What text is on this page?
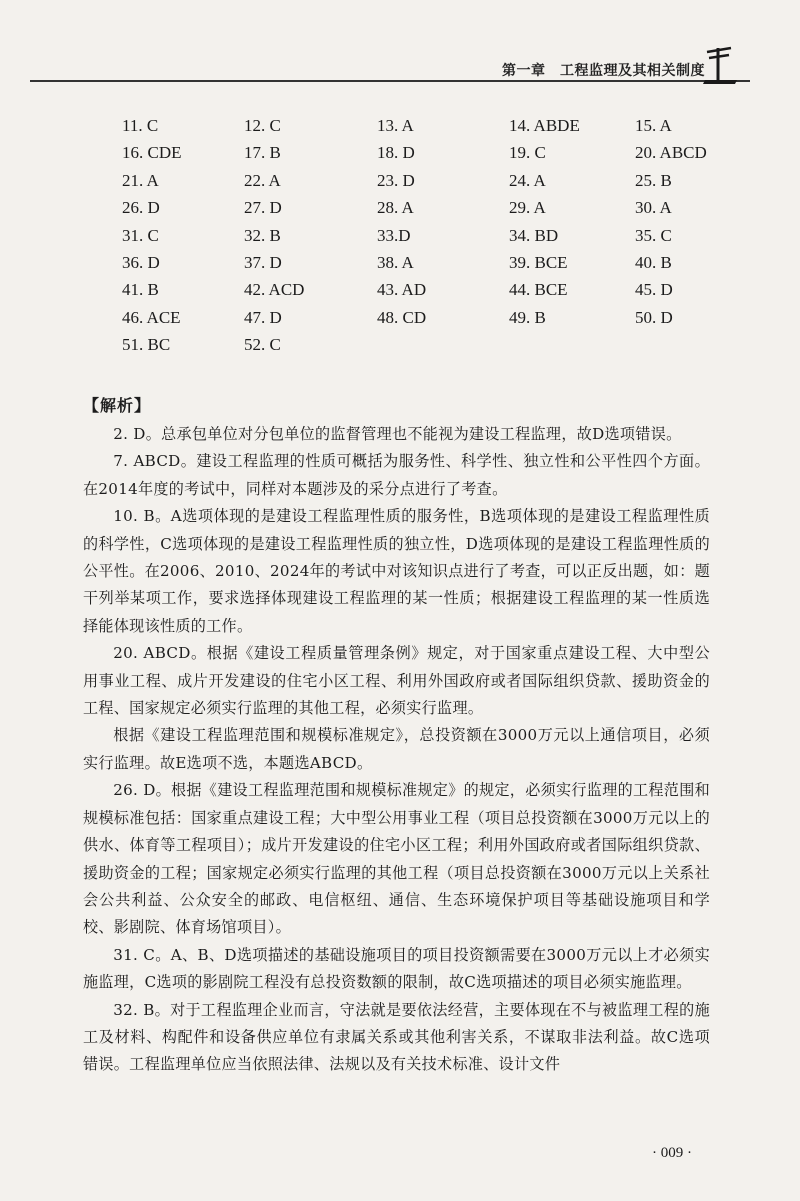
第一章　工程监理及其相关制度
11. C	12. C	13. A	14. ABDE	15. A
16. CDE	17. B	18. D	19. C	20. ABCD
21. A	22. A	23. D	24. A	25. B
26. D	27. D	28. A	29. A	30. A
31. C	32. B	33.D	34. BD	35. C
36. D	37. D	38. A	39. BCE	40. B
41. B	42. ACD	43. AD	44. BCE	45. D
46. ACE	47. D	48. CD	49. B	50. D
51. BC	52. C
【解析】

2. D。总承包单位对分包单位的监督管理也不能视为建设工程监理，故D选项错误。

7. ABCD。建设工程监理的性质可概括为服务性、科学性、独立性和公平性四个方面。在2014年度的考试中，同样对本题涉及的采分点进行了考查。

10. B。A选项体现的是建设工程监理性质的服务性，B选项体现的是建设工程监理性质的科学性，C选项体现的是建设工程监理性质的独立性，D选项体现的是建设工程监理性质的公平性。在2006、2010、2024年的考试中对该知识点进行了考查，可以正反出题，如：题干列举某项工作，要求选择体现建设工程监理的某一性质；根据建设工程监理的某一性质选择能体现该性质的工作。

20. ABCD。根据《建设工程质量管理条例》规定，对于国家重点建设工程、大中型公用事业工程、成片开发建设的住宅小区工程、利用外国政府或者国际组织贷款、援助资金的工程、国家规定必须实行监理的其他工程，必须实行监理。

根据《建设工程监理范围和规模标准规定》，总投资额在3000万元以上通信项目，必须实行监理。故E选项不选，本题选ABCD。

26. D。根据《建设工程监理范围和规模标准规定》的规定，必须实行监理的工程范围和规模标准包括：国家重点建设工程；大中型公用事业工程（项目总投资额在3000万元以上的供水、体育等工程项目）；成片开发建设的住宅小区工程；利用外国政府或者国际组织贷款、援助资金的工程；国家规定必须实行监理的其他工程（项目总投资额在3000万元以上关系社会公共利益、公众安全的邮政、电信枢纽、通信、生态环境保护项目等基础设施项目和学校、影剧院、体育场馆项目）。

31. C。A、B、D选项描述的基础设施项目的项目投资额需要在3000万元以上才必须实施监理，C选项的影剧院工程没有总投资数额的限制，故C选项描述的项目必须实施监理。

32. B。对于工程监理企业而言，守法就是要依法经营，主要体现在不与被监理工程的施工及材料、构配件和设备供应单位有隶属关系或其他利害关系，不谋取非法利益。故C选项错误。工程监理单位应当依照法律、法规以及有关技术标准、设计文件

· 009 ·
